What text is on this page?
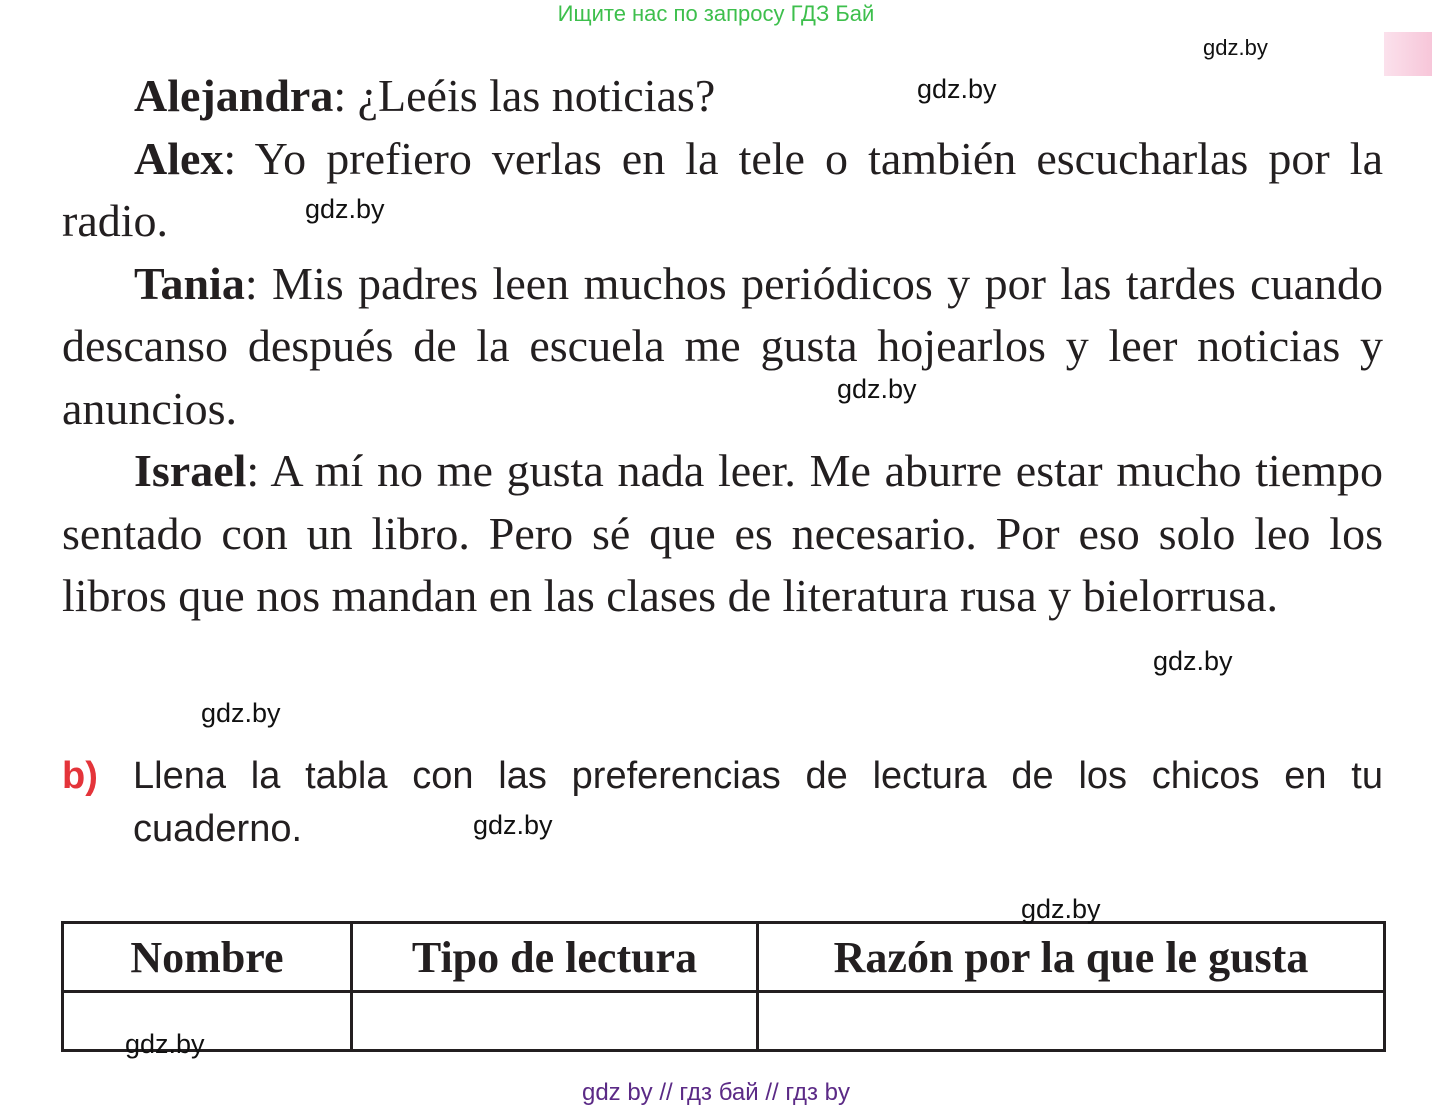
Ищите нас по запросу ГДЗ Бай

Alejandra: ¿Leéis las noticias?

Alex: Yo prefiero verlas en la tele o también escucharlas por la radio.

Tania: Mis padres leen muchos periódicos y por las tardes cuando descanso después de la escuela me gusta hojearlos y leer noticias y anuncios.

Israel: A mí no me gusta nada leer. Me aburre estar mucho tiempo sentado con un libro. Pero sé que es necesario. Por eso solo leo los libros que nos mandan en las clases de literatura rusa y bielorrusa.

b) Llena la tabla con las preferencias de lectura de los chicos en tu cuaderno.
Nombre	Tipo de lectura	Razón por la que le gusta

gdz.by
gdz.by
gdz.by
gdz.by
gdz.by
gdz.by
gdz.by
gdz.by
gdz.by
gdz by // гдз бай // гдз by
